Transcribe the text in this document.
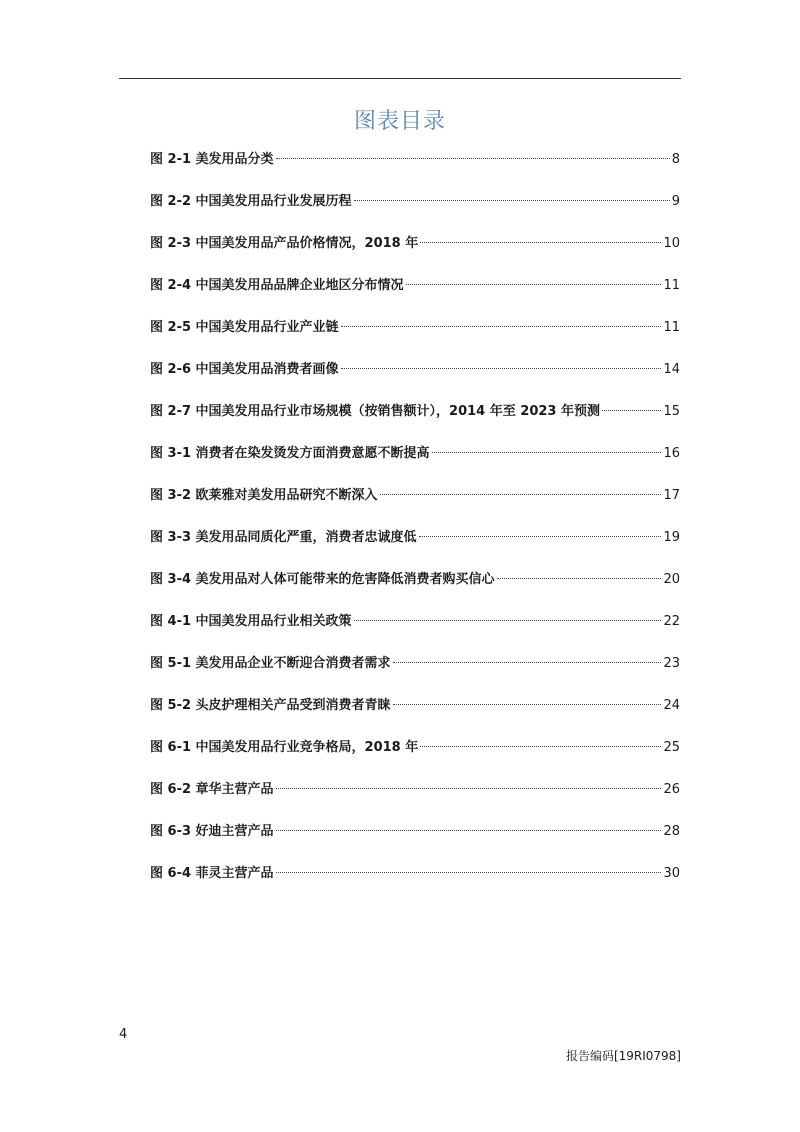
图表目录
图 2-1 美发用品分类	8
图 2-2 中国美发用品行业发展历程	9
图 2-3 中国美发用品产品价格情况，2018 年	10
图 2-4 中国美发用品品牌企业地区分布情况	11
图 2-5 中国美发用品行业产业链	11
图 2-6 中国美发用品消费者画像	14
图 2-7 中国美发用品行业市场规模（按销售额计），2014 年至 2023 年预测	15
图 3-1 消费者在染发烫发方面消费意愿不断提高	16
图 3-2 欧莱雅对美发用品研究不断深入	17
图 3-3 美发用品同质化严重，消费者忠诚度低	19
图 3-4 美发用品对人体可能带来的危害降低消费者购买信心	20
图 4-1 中国美发用品行业相关政策	22
图 5-1 美发用品企业不断迎合消费者需求	23
图 5-2 头皮护理相关产品受到消费者青睐	24
图 6-1 中国美发用品行业竞争格局，2018 年	25
图 6-2 章华主营产品	26
图 6-3 好迪主营产品	28
图 6-4 菲灵主营产品	30
4
报告编码[19RI0798]
